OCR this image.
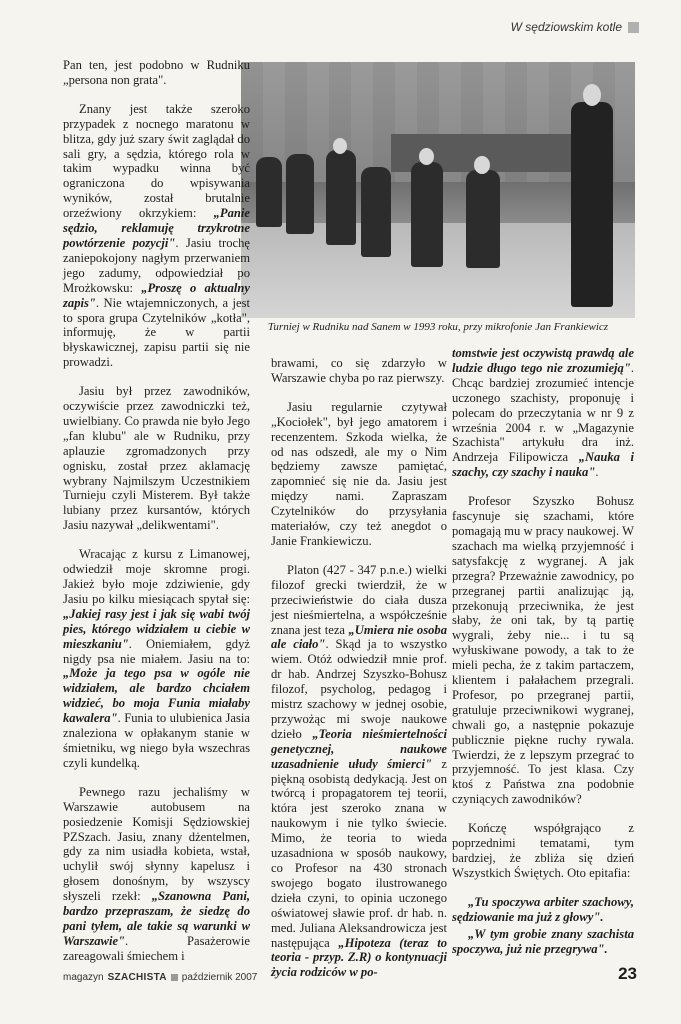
W sędziowskim kotle
Turniej w Rudniku nad Sanem w 1993 roku, przy mikrofonie Jan Frankiewicz

Pan ten, jest podobno w Rudniku „persona non grata".

Znany jest także szeroko przypadek z nocnego maratonu w blitza, gdy już szary świt zaglądał do sali gry, a sędzia, którego rola w takim wypadku winna być ograniczona do wpisywania wyników, został brutalnie orzeźwiony okrzykiem: „Panie sędzio, reklamuję trzykrotne powtórzenie pozycji". Jasiu trochę zaniepokojony nagłym przerwaniem jego zadumy, odpowiedział po Mrożkowsku: „Proszę o aktualny zapis". Nie wtajemniczonych, a jest to spora grupa Czytelników „kotła", informuję, że w partii błyskawicznej, zapisu partii się nie prowadzi.

Jasiu był przez zawodników, oczywiście przez zawodniczki też, uwielbiany. Co prawda nie było Jego „fan klubu" ale w Rudniku, przy aplauzie zgromadzonych przy ognisku, został przez aklamację wybrany Najmilszym Uczestnikiem Turnieju czyli Misterem. Był także lubiany przez kursantów, których Jasiu nazywał „delikwentami".

Wracając z kursu z Limanowej, odwiedził moje skromne progi. Jakież było moje zdziwienie, gdy Jasiu po kilku miesiącach spytał się: „Jakiej rasy jest i jak się wabi twój pies, którego widziałem u ciebie w mieszkaniu". Oniemiałem, gdyż nigdy psa nie miałem. Jasiu na to: „Może ja tego psa w ogóle nie widziałem, ale bardzo chciałem widzieć, bo moja Funia miałaby kawalera". Funia to ulubienica Jasia znaleziona w opłakanym stanie w śmietniku, wg niego była wszechras czyli kundelką.

Pewnego razu jechaliśmy w Warszawie autobusem na posiedzenie Komisji Sędziowskiej PZSzach. Jasiu, znany dżentelmen, gdy za nim usiadła kobieta, wstał, uchylił swój słynny kapelusz i głosem donośnym, by wszyscy słyszeli rzekł: „Szanowna Pani, bardzo przepraszam, że siedzę do pani tyłem, ale takie są warunki w Warszawie". Pasażerowie zareagowali śmiechem i

brawami, co się zdarzyło w Warszawie chyba po raz pierwszy.

Jasiu regularnie czytywał „Kociołek", był jego amatorem i recenzentem. Szkoda wielka, że od nas odszedł, ale my o Nim będziemy zawsze pamiętać, zapomnieć się nie da. Jasiu jest między nami. Zapraszam Czytelników do przysyłania materiałów, czy też anegdot o Janie Frankiewiczu.

Platon (427 - 347 p.n.e.) wielki filozof grecki twierdził, że w przeciwieństwie do ciała dusza jest nieśmiertelna, a współcześnie znana jest teza „Umiera nie osoba ale ciało". Skąd ja to wszystko wiem. Otóż odwiedził mnie prof. dr hab. Andrzej Szyszko-Bohusz filozof, psycholog, pedagog i mistrz szachowy w jednej osobie, przywożąc mi swoje naukowe dzieło „Teoria nieśmiertelności genetycznej, naukowe uzasadnienie ułudy śmierci" z piękną osobistą dedykacją. Jest on twórcą i propagatorem tej teorii, która jest szeroko znana w naukowym i nie tylko świecie. Mimo, że teoria to wieda uzasadniona w sposób naukowy, co Profesor na 430 stronach swojego bogato ilustrowanego dzieła czyni, to opinia uczonego oświatowej sławie prof. dr hab. n. med. Juliana Aleksandrowicza jest następująca „Hipoteza (teraz to teoria - przyp. Z.R) o kontynuacji życia rodziców w po-

tomstwie jest oczywistą prawdą ale ludzie długo tego nie zrozumieją". Chcąc bardziej zrozumieć intencje uczonego szachisty, proponuję i polecam do przeczytania w nr 9 z września 2004 r. w „Magazynie Szachista" artykułu dra inż. Andrzeja Filipowicza „Nauka i szachy, czy szachy i nauka".

Profesor Szyszko Bohusz fascynuje się szachami, które pomagają mu w pracy naukowej. W szachach ma wielką przyjemność i satysfakcję z wygranej. A jak przegra? Przeważnie zawodnicy, po przegranej partii analizując ją, przekonują przeciwnika, że jest słaby, że oni tak, by tą partię wygrali, żeby nie... i tu są wyłuskiwane powody, a tak to że mieli pecha, że z takim partaczem, klientem i pałałachem przegrali. Profesor, po przegranej partii, gratuluje przeciwnikowi wygranej, chwali go, a następnie pokazuje publicznie piękne ruchy rywala. Twierdzi, że z lepszym przegrać to przyjemność. To jest klasa. Czy ktoś z Państwa zna podobnie czyniących zawodników?

Kończę współgrająco z poprzednimi tematami, tym bardziej, że zbliża się dzień Wszystkich Świętych. Oto epitafia:

„Tu spoczywa arbiter szachowy, sędziowanie ma już z głowy".

„W tym grobie znany szachista spoczywa, już nie przegrywa".

magazyn SZACHISTA październik 2007	23
